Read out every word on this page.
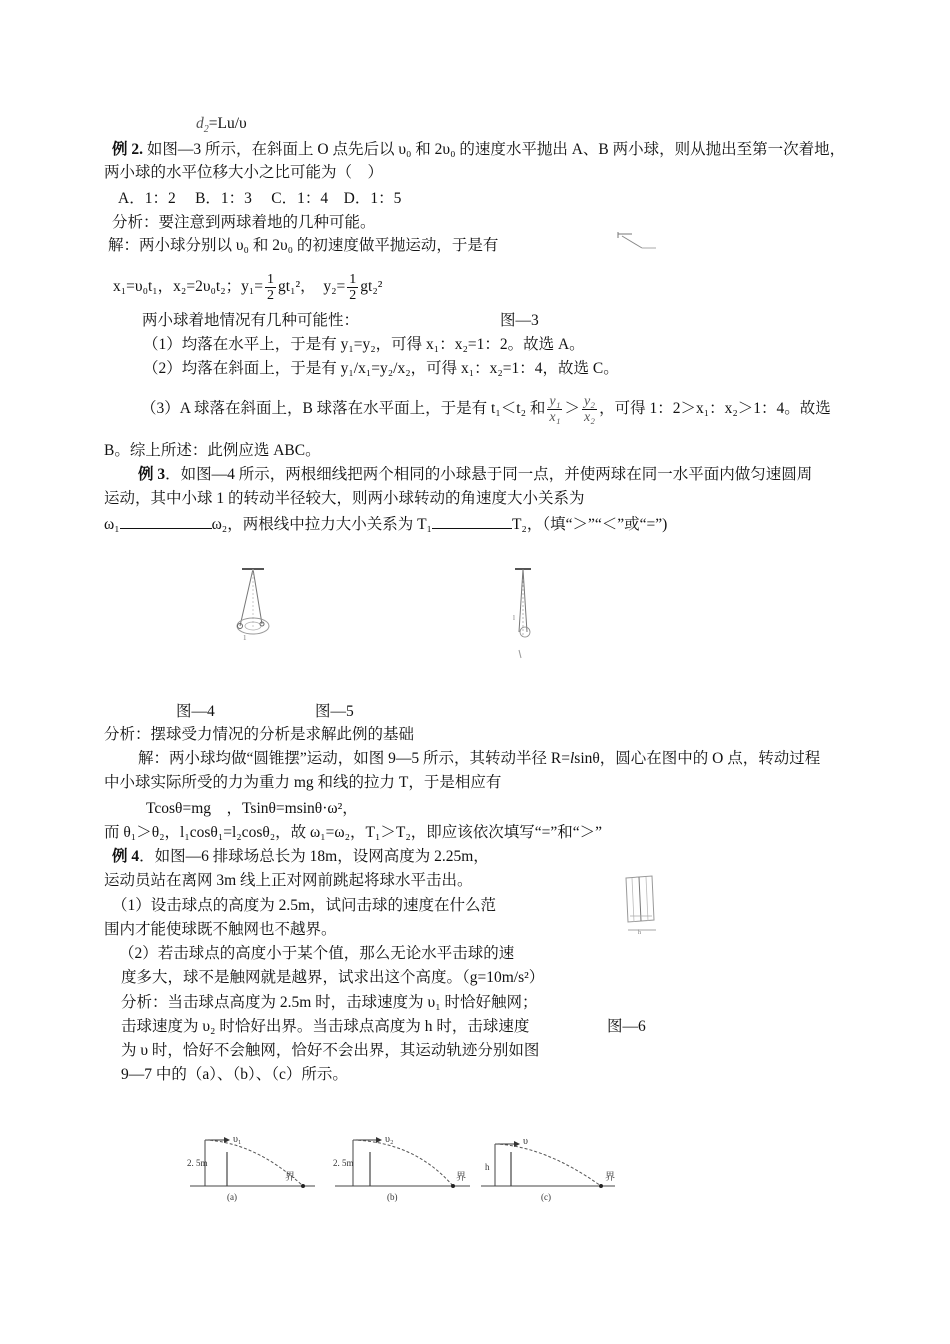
$d_2=Lu/\upsilon$
例 2. 如图—3 所示，在斜面上 O 点先后以 υ₀ 和 2υ₀ 的速度水平抛出 A、B 两小球，则从抛出至第一次着地，
两小球的水平位移大小之比可能为（　）
A．1：2　 B．1：3　 C．1：4　D．1：5
分析：要注意到两球着地的几种可能。
解：两小球分别以 υ₀ 和 2υ₀ 的初速度做平抛运动，于是有
x₁=υ₀t₁，x₂=2υ₀t₂；$y_1= \frac{1}{2} gt_1^2$，　$y_2= \frac{1}{2} gt_2^2$
两小球着地情况有几种可能性：	图—3
（1）均落在水平上，于是有 y₁=y₂，可得 x₁：x₂=1：2。故选 A。
（2）均落在斜面上，于是有 y₁/x₁=y₂/x₂，可得 x₁：x₂=1：4，故选 C。
（3）A 球落在斜面上，B 球落在水平面上，于是有 t₁＜t₂ 和 $\frac{\text{y₁}}{\text{x₁}} > \frac{\text{y₂}}{\text{x₂}}$ ，可得 1：2＞x₁：x₂＞1：4。故选
B。综上所述：此例应选 ABC。
例 3．如图—4 所示，两根细线把两个相同的小球悬于同一点，并使两球在同一水平面内做匀速圆周
运动，其中小球 1 的转动半径较大，则两小球转动的角速度大小关系为
ω₁	ω₂，两根线中拉力大小关系为 T₁	T₂，（填“＞”“＜”或“=”)
1
l
图—4	图—5
分析：摆球受力情况的分析是求解此例的基础
解：两小球均做“圆锥摆”运动，如图 9—5 所示，其转动半径 R=lsinθ，圆心在图中的 O 点，转动过程
中小球实际所受的力为重力 mg 和线的拉力 T，于是相应有
Tcosθ=mg　，Tsinθ=msinθ·ω²，
而 θ₁＞θ₂，l₁cosθ₁=l₂cosθ₂，故 ω₁=ω₂，T₁＞T₂，即应该依次填写“=”和“＞”
例 4．如图—6 排球场总长为 18m，设网高度为 2.25m，
运动员站在离网 3m 线上正对网前跳起将球水平击出。
（1）设击球点的高度为 2.5m，试问击球的速度在什么范
围内才能使球既不触网也不越界。
（2）若击球点的高度小于某个值，那么无论水平击球的速
度多大，球不是触网就是越界，试求出这个高度。（g=10m/s²）
分析：当击球点高度为 2.5m 时，击球速度为 υ₁ 时恰好触网；
击球速度为 υ₂ 时恰好出界。当击球点高度为 h 时，击球速度	图—6
为 υ 时，恰好不会触网，恰好不会出界，其运动轨迹分别如图
9—7 中的（a）、（b）、（c）所示。
h
υ₁
2. 5m
界
(a)
υ₂
2. 5m
界
(b)
υ
h
界
(c)
